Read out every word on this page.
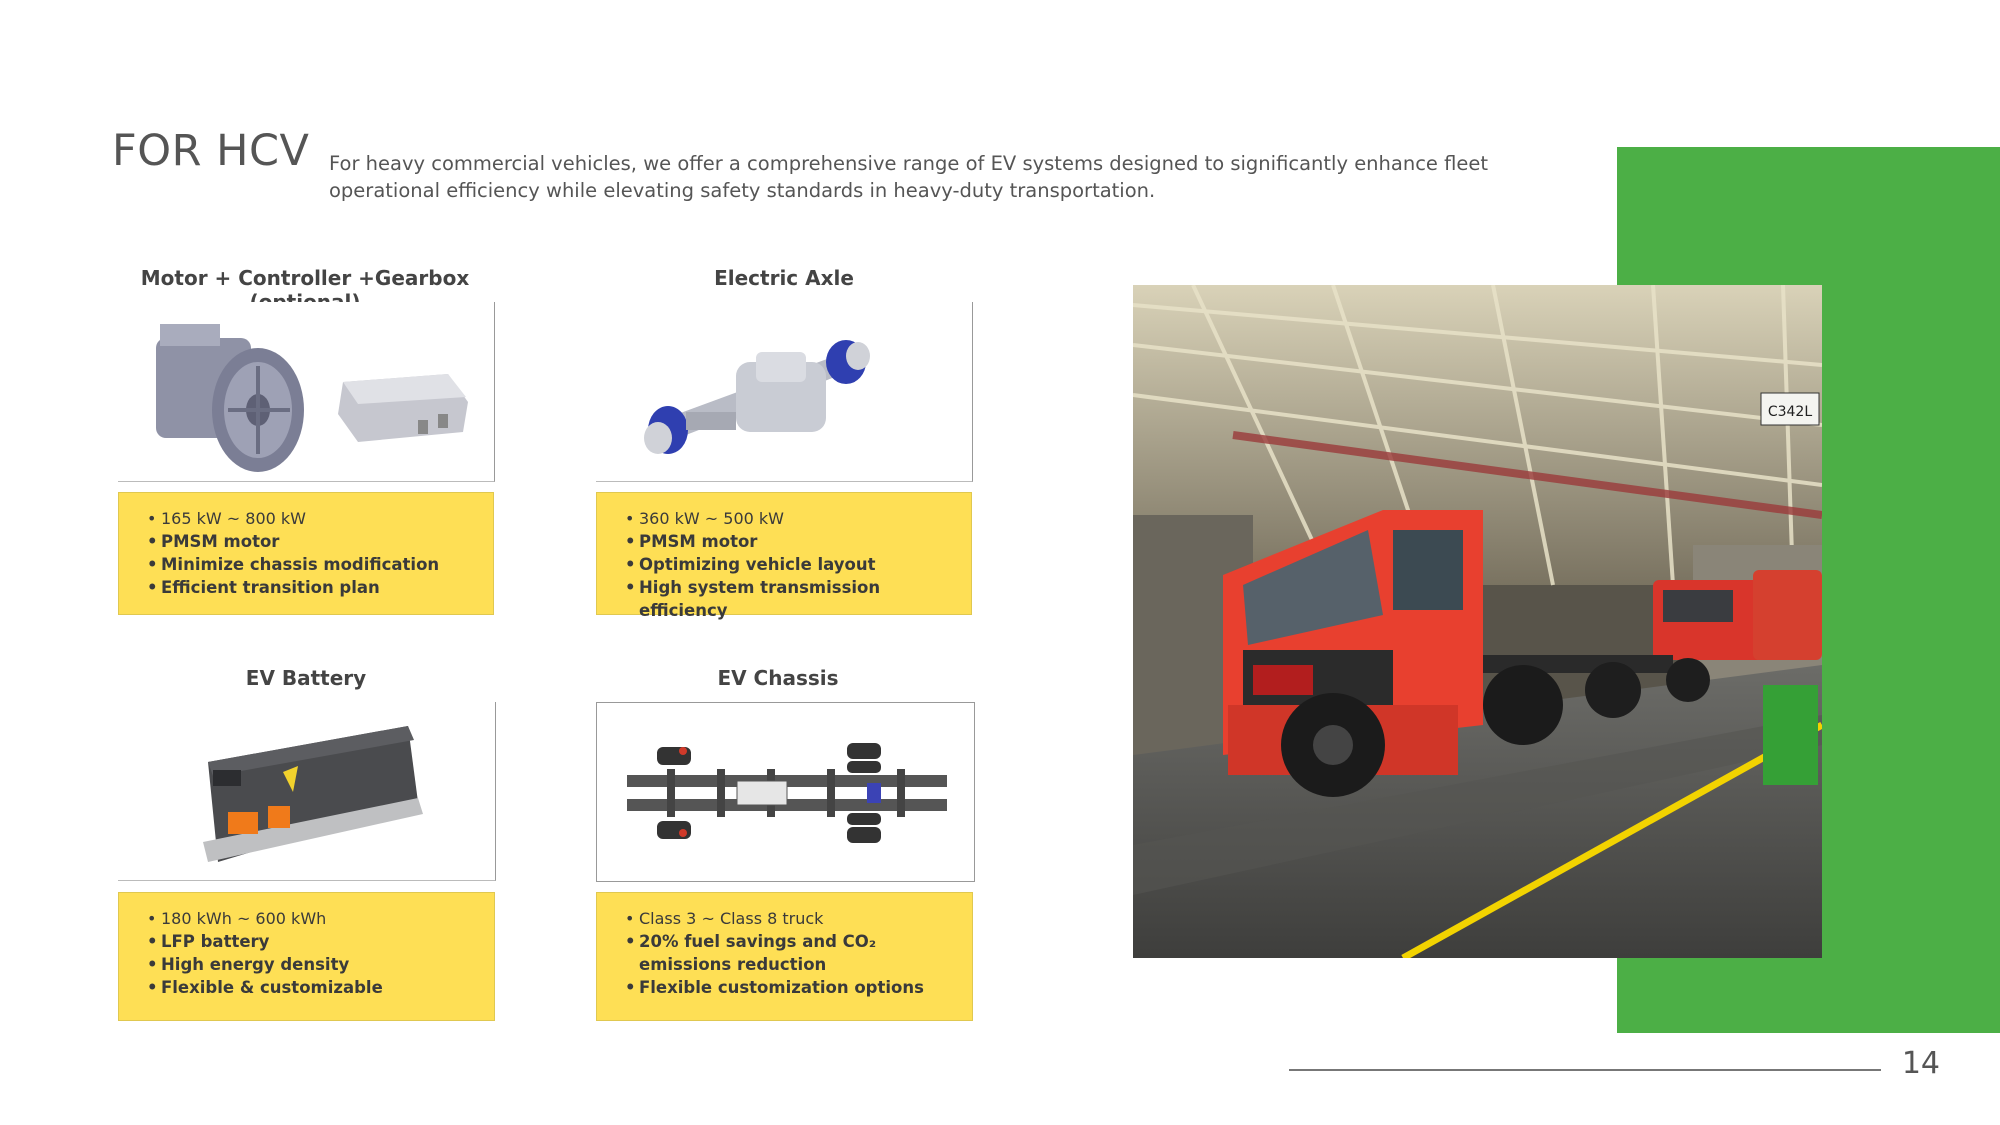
FOR HCV For heavy commercial vehicles, we offer a comprehensive range of EV systems designed to significantly enhance fleet operational efficiency while elevating safety standards in heavy-duty transportation.
C342L
Motor + Controller +Gearbox
• 165 kW ~ 800 kW
• PMSM motor
• Minimize chassis modification
• Efficient transition plan
Electric Axle
• 360 kW ~ 500 kW
• PMSM motor
• Optimizing vehicle layout
• High system transmission efficiency
EV Battery
• 180 kWh ~ 600 kWh
• LFP battery
• High energy density
• Flexible & customizable
EV Chassis
• Class 3 ~ Class 8 truck
• 20% fuel savings and CO₂ emissions reduction
• Flexible customization options
14
